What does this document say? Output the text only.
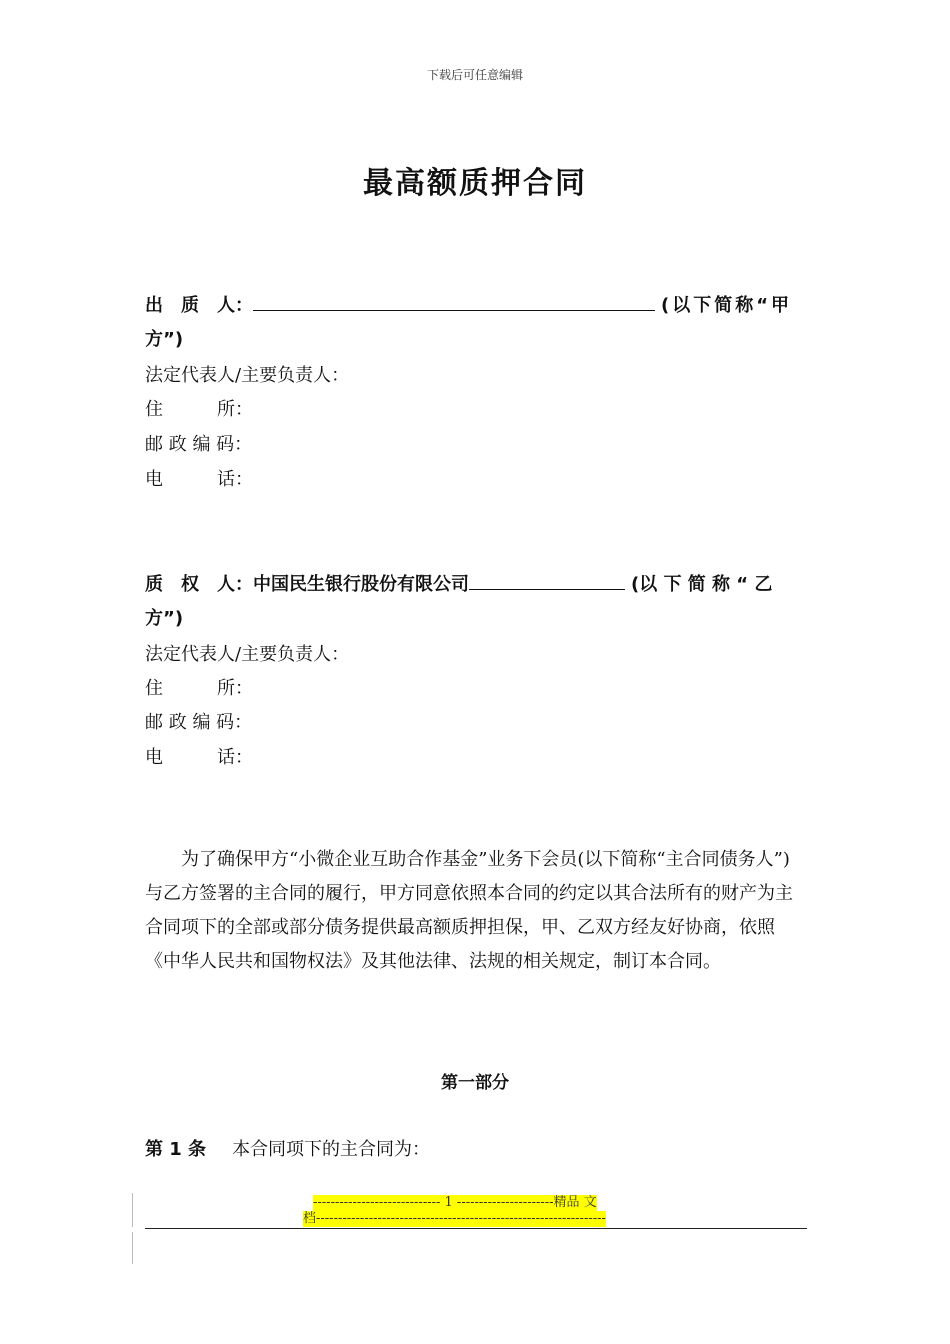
下载后可任意编辑
最高额质押合同
出　质　人：	(以下简称“甲
方”)
法定代表人/主要负责人：
住　　　所：
邮 政 编 码：
电　　　话：
质　权　人：中国民生银行股份有限公司	(以 下 简 称 “ 乙
方”)
法定代表人/主要负责人：
住　　　所：
邮 政 编 码：
电　　　话：
为了确保甲方“小微企业互助合作基金”业务下会员(以下简称“主合同债务人”)与乙方签署的主合同的履行，甲方同意依照本合同的约定以其合法所有的财产为主合同项下的全部或部分债务提供最高额质押担保，甲、乙双方经友好协商，依照《中华人民共和国物权法》及其他法律、法规的相关规定，制订本合同。
第一部分
第 1 条 本合同项下的主合同为：
----------------------------- 1 ----------------------精品 文
档------------------------------------------------------------------
